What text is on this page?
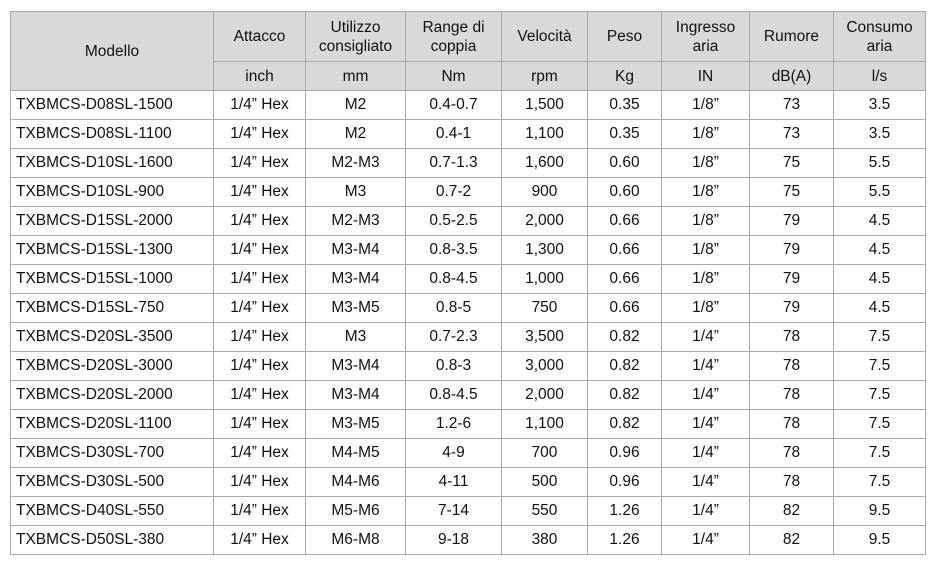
Modello	Attacco	Utilizzo consigliato	Range di coppia	Velocità	Peso	Ingresso aria	Rumore	Consumo aria
	inch	mm	Nm	rpm	Kg	IN	dB(A)	l/s
TXBMCS-D08SL-1500	1/4” Hex	M2	0.4-0.7	1,500	0.35	1/8”	73	3.5
TXBMCS-D08SL-1100	1/4” Hex	M2	0.4-1	1,100	0.35	1/8”	73	3.5
TXBMCS-D10SL-1600	1/4” Hex	M2-M3	0.7-1.3	1,600	0.60	1/8”	75	5.5
TXBMCS-D10SL-900	1/4” Hex	M3	0.7-2	900	0.60	1/8”	75	5.5
TXBMCS-D15SL-2000	1/4” Hex	M2-M3	0.5-2.5	2,000	0.66	1/8”	79	4.5
TXBMCS-D15SL-1300	1/4” Hex	M3-M4	0.8-3.5	1,300	0.66	1/8”	79	4.5
TXBMCS-D15SL-1000	1/4” Hex	M3-M4	0.8-4.5	1,000	0.66	1/8”	79	4.5
TXBMCS-D15SL-750	1/4” Hex	M3-M5	0.8-5	750	0.66	1/8”	79	4.5
TXBMCS-D20SL-3500	1/4” Hex	M3	0.7-2.3	3,500	0.82	1/4”	78	7.5
TXBMCS-D20SL-3000	1/4” Hex	M3-M4	0.8-3	3,000	0.82	1/4”	78	7.5
TXBMCS-D20SL-2000	1/4” Hex	M3-M4	0.8-4.5	2,000	0.82	1/4”	78	7.5
TXBMCS-D20SL-1100	1/4” Hex	M3-M5	1.2-6	1,100	0.82	1/4”	78	7.5
TXBMCS-D30SL-700	1/4” Hex	M4-M5	4-9	700	0.96	1/4”	78	7.5
TXBMCS-D30SL-500	1/4” Hex	M4-M6	4-11	500	0.96	1/4”	78	7.5
TXBMCS-D40SL-550	1/4” Hex	M5-M6	7-14	550	1.26	1/4”	82	9.5
TXBMCS-D50SL-380	1/4” Hex	M6-M8	9-18	380	1.26	1/4”	82	9.5
